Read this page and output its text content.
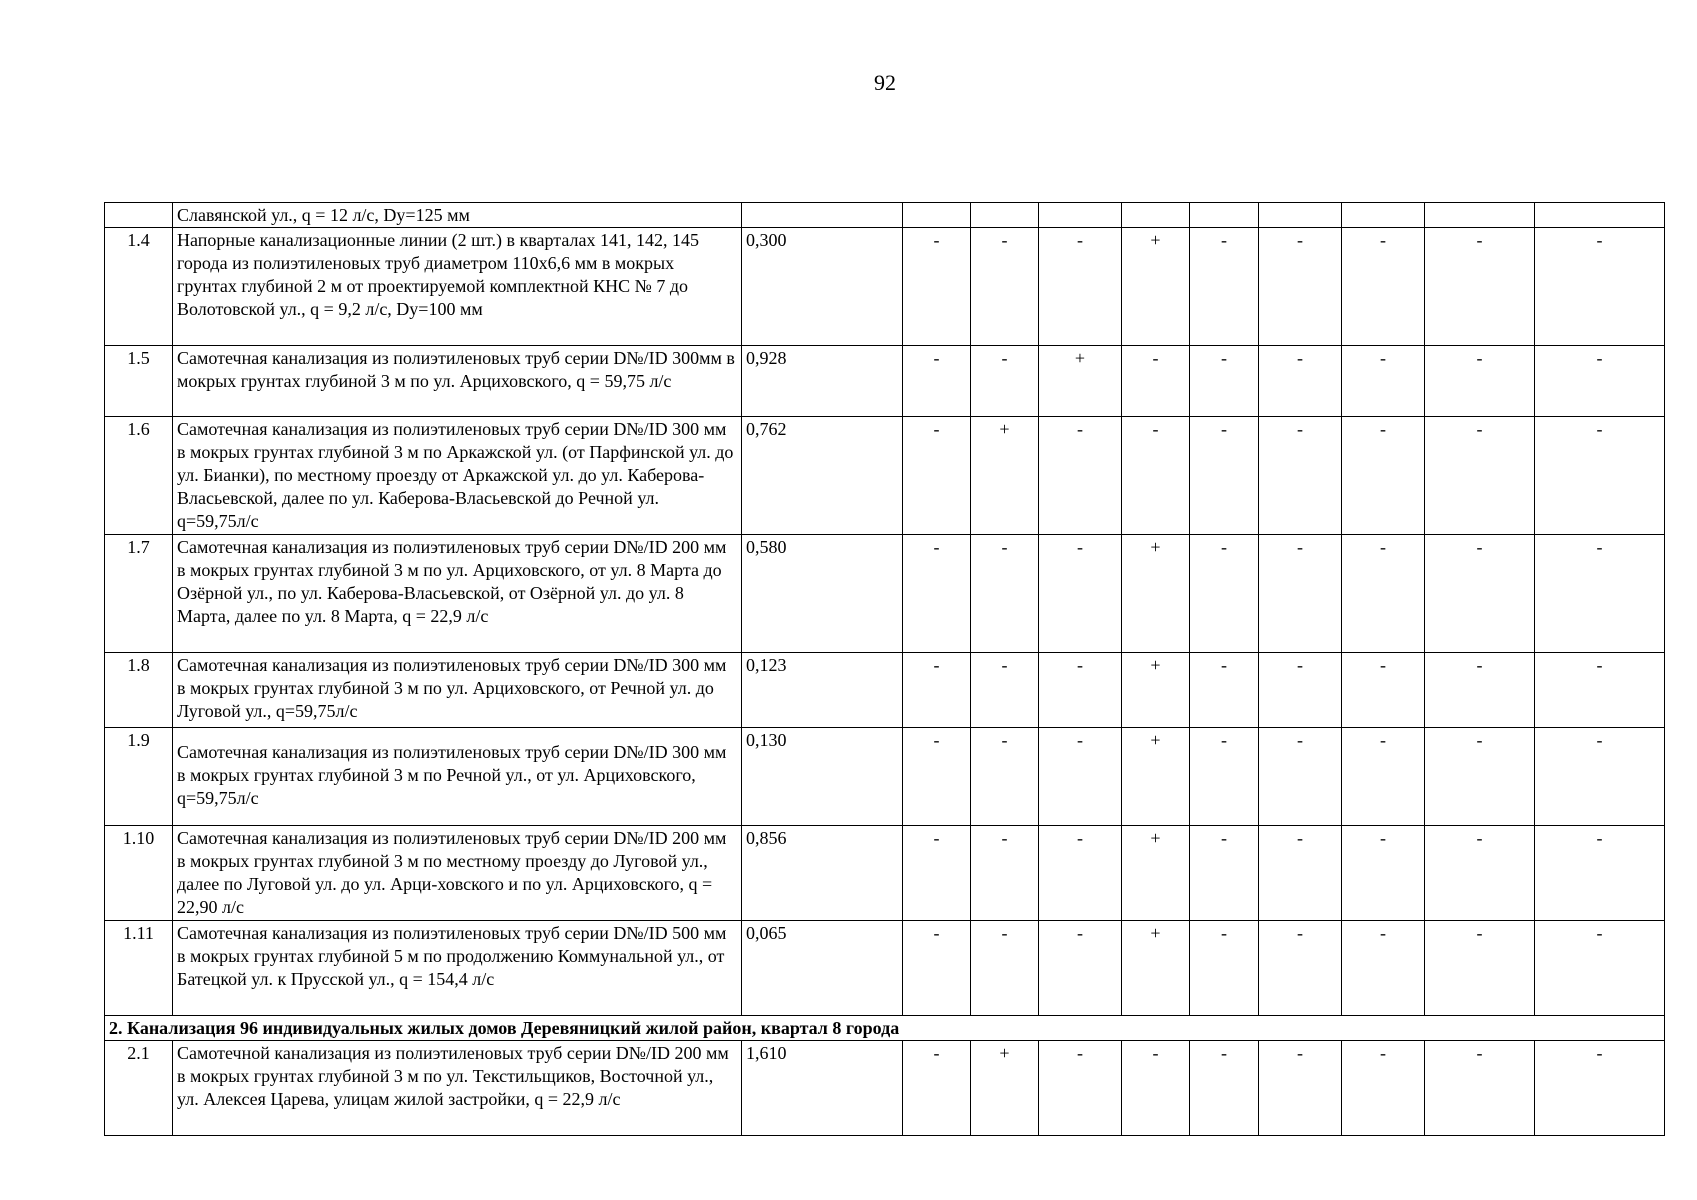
92
	Славянской ул., q = 12 л/с, Dy=125 мм										
1.4	Напорные канализационные линии (2 шт.) в кварталах 141, 142, 145 города из полиэтиленовых труб диаметром 110х6,6 мм в мокрых грунтах глубиной 2 м от проектируемой комплектной КНС № 7 до Волотовской ул., q = 9,2 л/с, Dy=100 мм	0,300	-	-	-	+	-	-	-	-	-
1.5	Самотечная канализация из полиэтиленовых труб серии D№/ID 300мм в мокрых грунтах глубиной 3 м по ул. Арциховского, q = 59,75 л/с	0,928	-	-	+	-	-	-	-	-	-
1.6	Самотечная канализация из полиэтиленовых труб серии D№/ID 300 мм в мокрых грунтах глубиной 3 м по Аркажской ул. (от Парфинской ул. до ул. Бианки), по местному проезду от Аркажской ул. до ул. Каберова-Власьевской, далее по ул. Каберова-Власьевской до Речной ул. q=59,75л/с	0,762	-	+	-	-	-	-	-	-	-
1.7	Самотечная канализация из полиэтиленовых труб серии D№/ID 200 мм в мокрых грунтах глубиной 3 м по ул. Арциховского, от ул. 8 Марта до Озёрной ул., по ул. Каберова-Власьевской, от Озёрной ул. до ул. 8 Марта, далее по ул. 8 Марта, q = 22,9 л/с	0,580	-	-	-	+	-	-	-	-	-
1.8	Самотечная канализация из полиэтиленовых труб серии D№/ID 300 мм в мокрых грунтах глубиной 3 м по ул. Арциховского, от Речной ул. до Луговой ул., q=59,75л/с	0,123	-	-	-	+	-	-	-	-	-
1.9	Самотечная канализация из полиэтиленовых труб серии D№/ID 300 мм в мокрых грунтах глубиной 3 м по Речной ул., от ул. Арциховского, q=59,75л/с	0,130	-	-	-	+	-	-	-	-	-
1.10	Самотечная канализация из полиэтиленовых труб серии D№/ID 200 мм в мокрых грунтах глубиной 3 м по местному проезду до Луговой ул., далее по Луговой ул. до ул. Арци-ховского и по ул. Арциховского, q = 22,90 л/с	0,856	-	-	-	+	-	-	-	-	-
1.11	Самотечная канализация из полиэтиленовых труб серии D№/ID 500 мм в мокрых грунтах глубиной 5 м по продолжению Коммунальной ул., от Батецкой ул. к Прусской ул., q = 154,4 л/с	0,065	-	-	-	+	-	-	-	-	-
2. Канализация 96 индивидуальных жилых домов Деревяницкий жилой район, квартал 8 города											
2.1	Самотечной канализация из полиэтиленовых труб серии D№/ID 200 мм в мокрых грунтах глубиной 3 м по ул. Текстильщиков, Восточной ул., ул. Алексея Царева, улицам жилой застройки, q = 22,9 л/с	1,610	-	+	-	-	-	-	-	-	-
